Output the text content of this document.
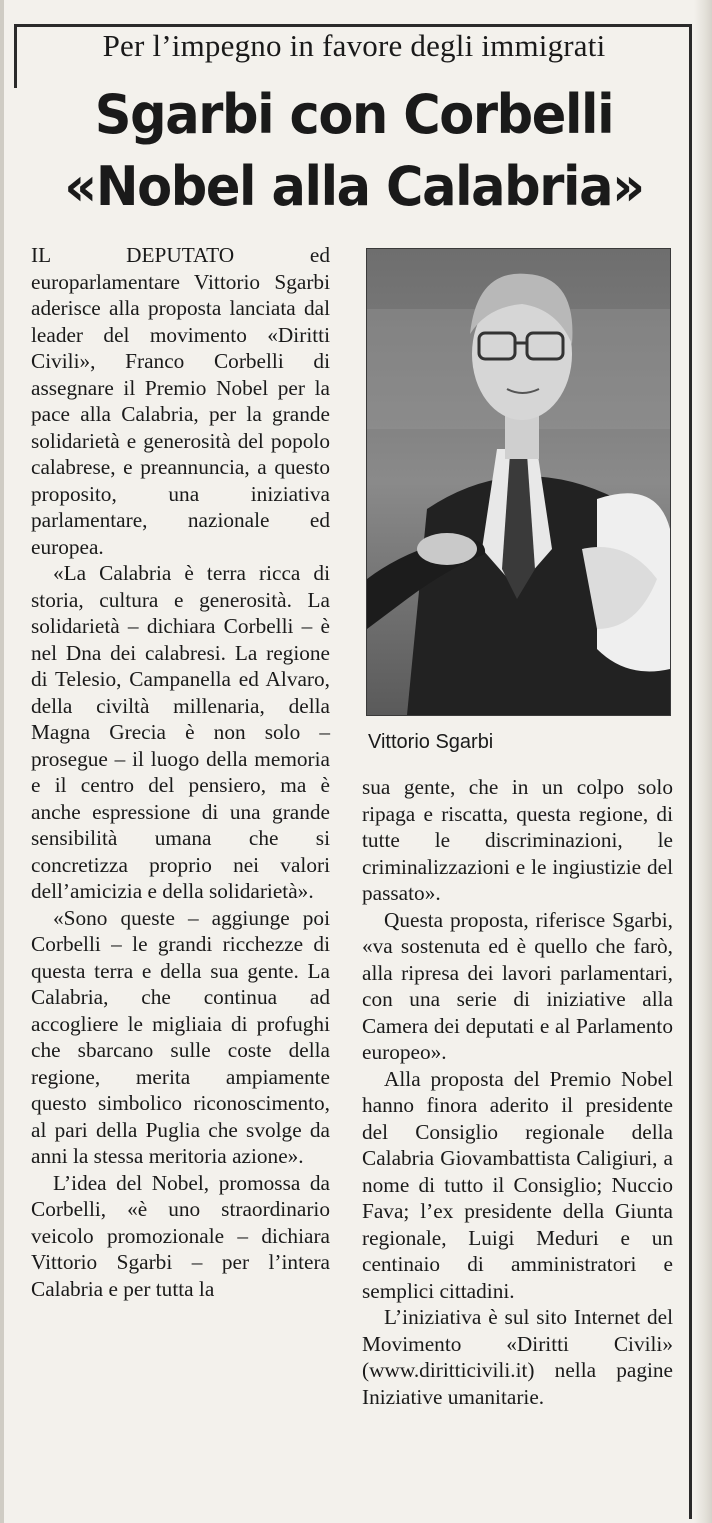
Per l’impegno in favore degli immigrati
Sgarbi con Corbelli
«Nobel alla Calabria»

IL DEPUTATO ed europarlamentare Vittorio Sgarbi aderisce alla proposta lanciata dal leader del movimento «Diritti Civili», Franco Corbelli di assegnare il Premio Nobel per la pace alla Calabria, per la grande solidarietà e generosità del popolo calabrese, e preannuncia, a questo proposito, una iniziativa parlamentare, nazionale ed europea.

«La Calabria è terra ricca di storia, cultura e generosità. La solidarietà – dichiara Corbelli – è nel Dna dei calabresi. La regione di Telesio, Campanella ed Alvaro, della civiltà millenaria, della Magna Grecia è non solo – prosegue – il luogo della memoria e il centro del pensiero, ma è anche espressione di una grande sensibilità umana che si concretizza proprio nei valori dell’amicizia e della solidarietà».

«Sono queste – aggiunge poi Corbelli – le grandi ricchezze di questa terra e della sua gente. La Calabria, che continua ad accogliere le migliaia di profughi che sbarcano sulle coste della regione, merita ampiamente questo simbolico riconoscimento, al pari della Puglia che svolge da anni la stessa meritoria azione».

L’idea del Nobel, promossa da Corbelli, «è uno straordinario veicolo promozionale – dichiara Vittorio Sgarbi – per l’intera Calabria e per tutta la

Vittorio Sgarbi

sua gente, che in un colpo solo ripaga e riscatta, questa regione, di tutte le discriminazioni, le criminalizzazioni e le ingiustizie del passato».

Questa proposta, riferisce Sgarbi, «va sostenuta ed è quello che farò, alla ripresa dei lavori parlamentari, con una serie di iniziative alla Camera dei deputati e al Parlamento europeo».

Alla proposta del Premio Nobel hanno finora aderito il presidente del Consiglio regionale della Calabria Giovambattista Caligiuri, a nome di tutto il Consiglio; Nuccio Fava; l’ex presidente della Giunta regionale, Luigi Meduri e un centinaio di amministratori e semplici cittadini.

L’iniziativa è sul sito Internet del Movimento «Diritti Civili» (www.diritticivili.it) nella pagine Iniziative umanitarie.
